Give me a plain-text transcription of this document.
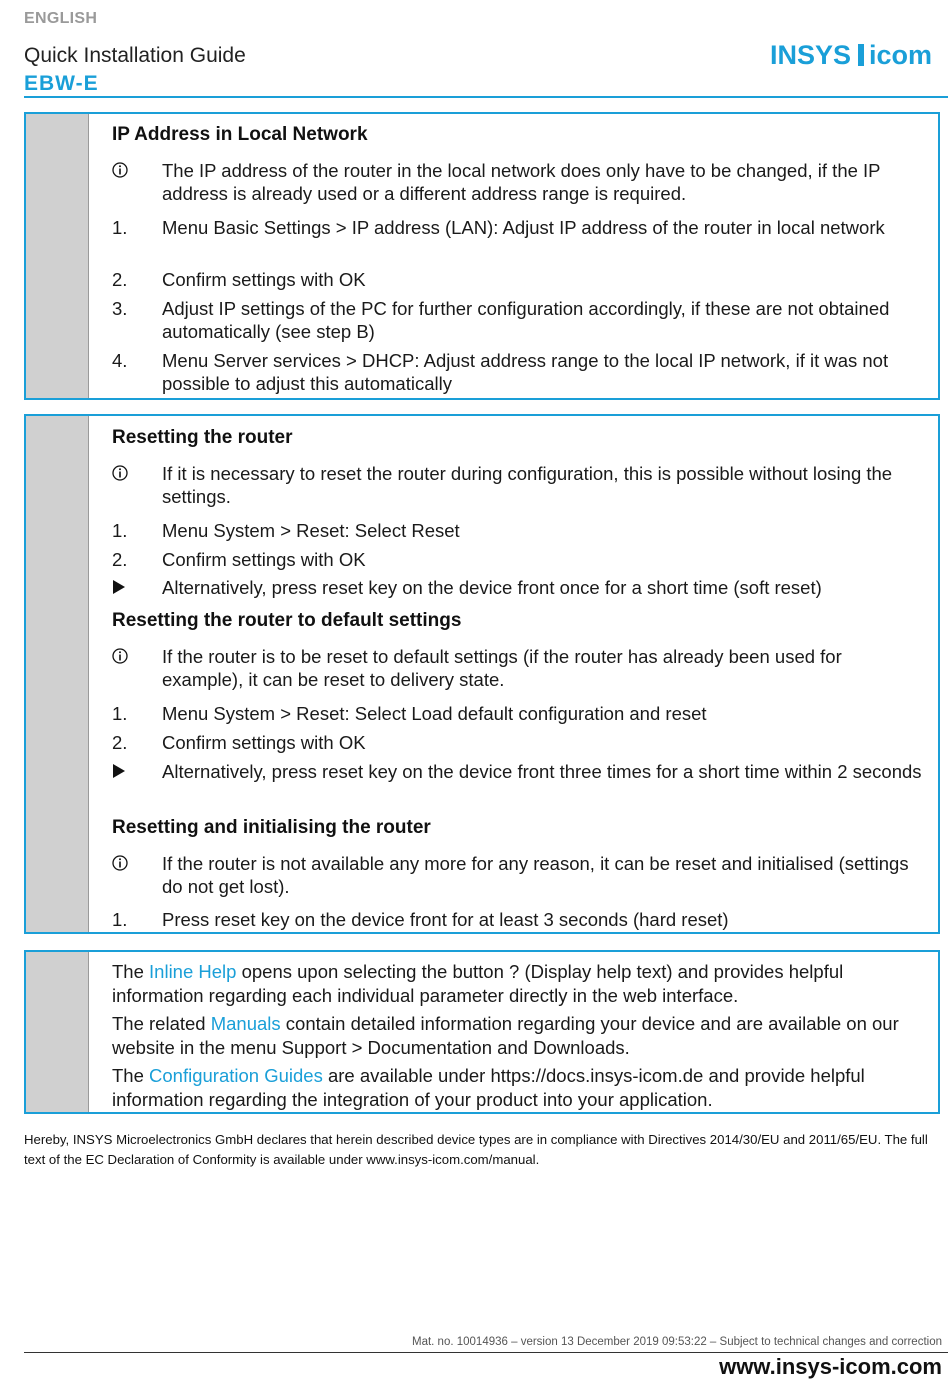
ENGLISH
Quick Installation Guide
EBW-E
INSYS icom
IP Address in Local Network
The IP address of the router in the local network does only have to be changed, if the IP address is already used or a different address range is required.
1.	Menu Basic Settings > IP address (LAN): Adjust IP address of the router in local network
2.	Confirm settings with OK
3.	Adjust IP settings of the PC for further configuration accordingly, if these are not obtained automatically (see step B)
4.	Menu Server services > DHCP: Adjust address range to the local IP network, if it was not possible to adjust this automatically
Resetting the router
If it is necessary to reset the router during configuration, this is possible without losing the settings.
1.	Menu System > Reset: Select Reset
2.	Confirm settings with OK
Alternatively, press reset key on the device front once for a short time (soft reset)
Resetting the router to default settings
If the router is to be reset to default settings (if the router has already been used for example), it can be reset to delivery state.
1.	Menu System > Reset: Select Load default configuration and reset
2.	Confirm settings with OK
Alternatively, press reset key on the device front three times for a short time within 2 seconds
Resetting and initialising the router
If the router is not available any more for any reason, it can be reset and initialised (settings do not get lost).
1.	Press reset key on the device front for at least 3 seconds (hard reset)
The Inline Help opens upon selecting the button ? (Display help text) and provides helpful information regarding each individual parameter directly in the web interface.
The related Manuals contain detailed information regarding your device and are available on our website in the menu Support > Documentation and Downloads.
The Configuration Guides are available under https://docs.insys-icom.de and provide helpful information regarding the integration of your product into your application.
Hereby, INSYS Microelectronics GmbH declares that herein described device types are in compliance with Directives 2014/30/EU and 2011/65/EU. The full text of the EC Declaration of Conformity is available under www.insys-icom.com/manual.
Mat. no. 10014936 – version 13 December 2019 09:53:22 – Subject to technical changes and correction
www.insys-icom.com
